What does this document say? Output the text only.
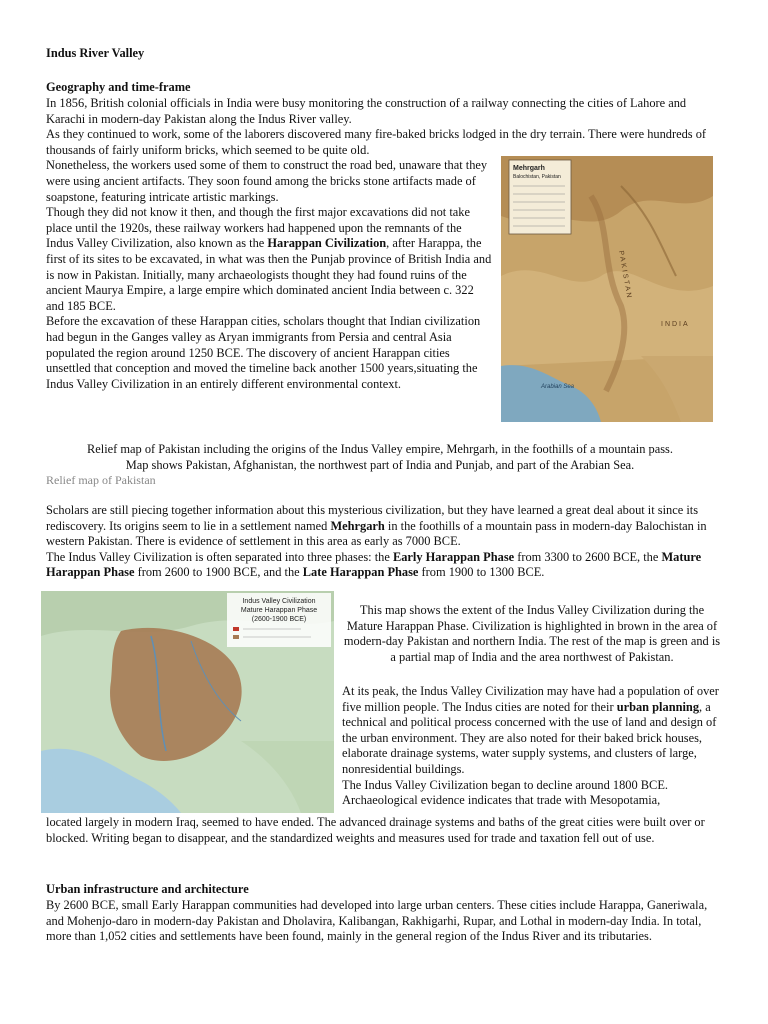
Indus River Valley
Geography and time-frame

In 1856, British colonial officials in India were busy monitoring the construction of a railway connecting the cities of Lahore and Karachi in modern-day Pakistan along the Indus River valley.

As they continued to work, some of the laborers discovered many fire-baked bricks lodged in the dry terrain. There were hundreds of thousands of fairly uniform bricks, which seemed to be quite old.

Nonetheless, the workers used some of them to construct the road bed, unaware that they were using ancient artifacts. They soon found among the bricks stone artifacts made of soapstone, featuring intricate artistic markings.

Though they did not know it then, and though the first major excavations did not take place until the 1920s, these railway workers had happened upon the remnants of the Indus Valley Civilization, also known as the Harappan Civilization, after Harappa, the first of its sites to be excavated, in what was then the Punjab province of British India and is now in Pakistan. Initially, many archaeologists thought they had found ruins of the ancient Maurya Empire, a large empire which dominated ancient India between c. 322 and 185 BCE.

Before the excavation of these Harappan cities, scholars thought that Indian civilization had begun in the Ganges valley as Aryan immigrants from Persia and central Asia populated the region around 1250 BCE. The discovery of ancient Harappan cities unsettled that conception and moved the timeline back another 1500 years,situating the Indus Valley Civilization in an entirely different environmental context.

Mehrgarh
Balochistan, Pakistan
PAKISTAN
INDIA
Arabian Sea

Relief map of Pakistan including the origins of the Indus Valley empire, Mehrgarh, in the foothills of a mountain pass.

Map shows Pakistan, Afghanistan, the northwest part of India and Punjab, and part of the Arabian Sea.

Relief map of Pakistan

Scholars are still piecing together information about this mysterious civilization, but they have learned a great deal about it since its rediscovery. Its origins seem to lie in a settlement named Mehrgarh in the foothills of a mountain pass in modern-day Balochistan in western Pakistan. There is evidence of settlement in this area as early as 7000 BCE.

The Indus Valley Civilization is often separated into three phases: the Early Harappan Phase from 3300 to 2600 BCE, the Mature Harappan Phase from 2600 to 1900 BCE, and the Late Harappan Phase from 1900 to 1300 BCE.

Indus Valley Civilization
Mature Harappan Phase
(2600-1900 BCE)

This map shows the extent of the Indus Valley Civilization during the Mature Harappan Phase. Civilization is highlighted in brown in the area of modern-day Pakistan and northern India. The rest of the map is green and is a partial map of India and the area northwest of Pakistan.

At its peak, the Indus Valley Civilization may have had a population of over five million people. The Indus cities are noted for their urban planning, a technical and political process concerned with the use of land and design of the urban environment. They are also noted for their baked brick houses, elaborate drainage systems, water supply systems, and clusters of large, nonresidential buildings.

The Indus Valley Civilization began to decline around 1800 BCE.

Archaeological evidence indicates that trade with Mesopotamia,

located largely in modern Iraq, seemed to have ended. The advanced drainage systems and baths of the great cities were built over or blocked. Writing began to disappear, and the standardized weights and measures used for trade and taxation fell out of use.

Urban infrastructure and architecture

By 2600 BCE, small Early Harappan communities had developed into large urban centers. These cities include Harappa, Ganeriwala, and Mohenjo-daro in modern-day Pakistan and Dholavira, Kalibangan, Rakhigarhi, Rupar, and Lothal in modern-day India. In total, more than 1,052 cities and settlements have been found, mainly in the general region of the Indus River and its tributaries.
